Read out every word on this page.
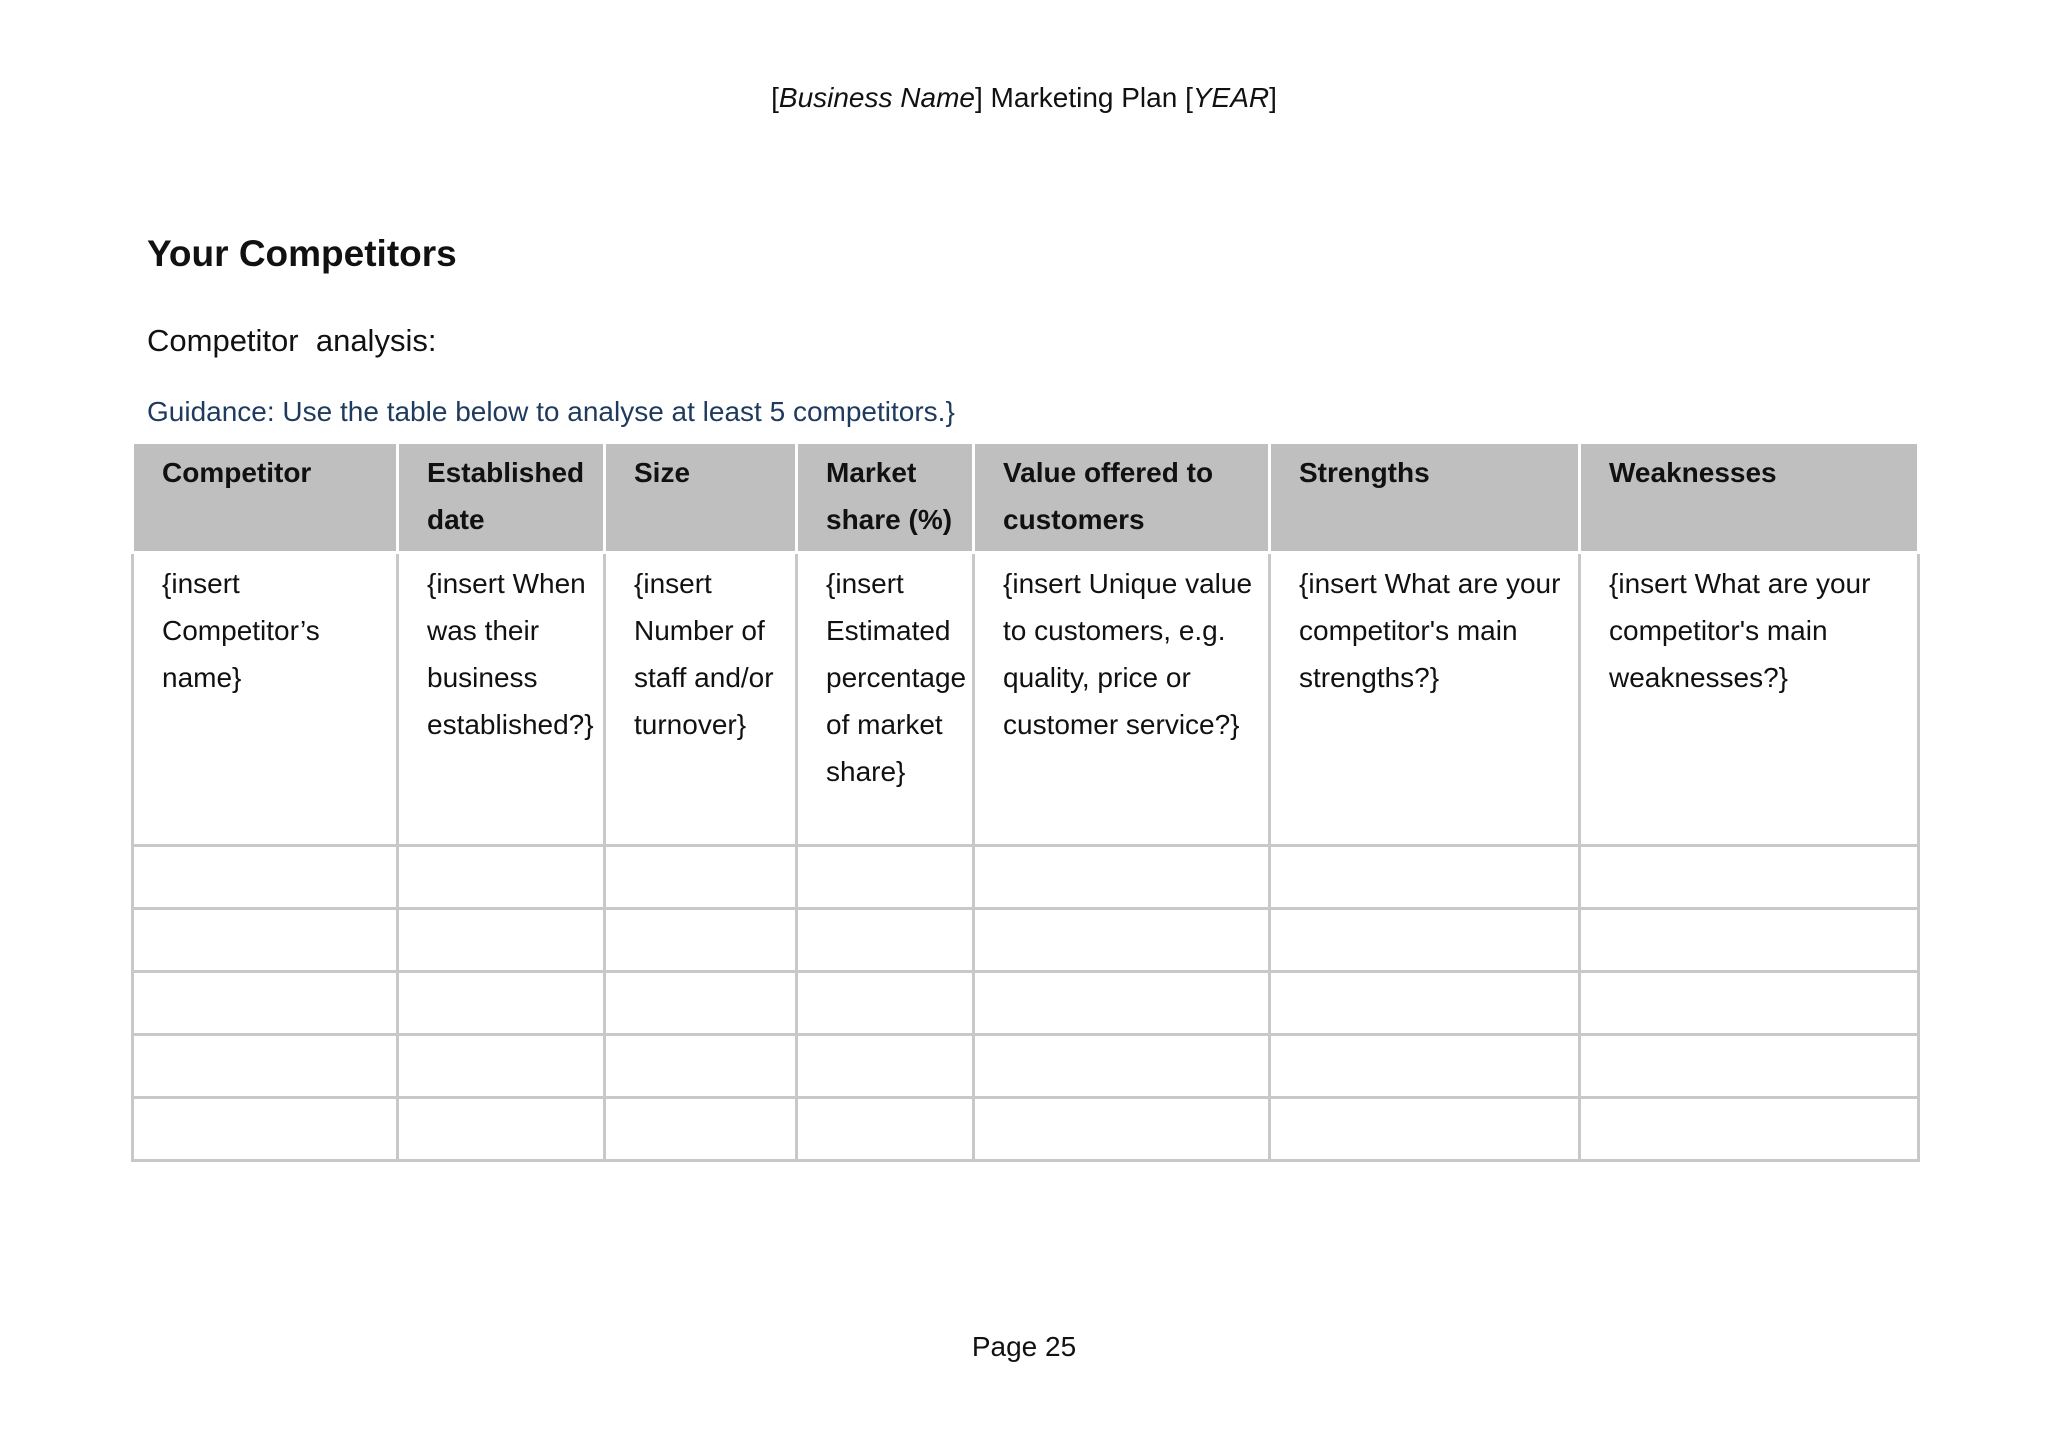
[Business Name] Marketing Plan [YEAR]
Your Competitors
Competitor  analysis:
Guidance: Use the table below to analyse at least 5 competitors.}
Competitor	Established date	Size	Market share (%)	Value offered to customers	Strengths	Weaknesses
{insert Competitor’s name}	{insert When was their business established?}	{insert Number of staff and/or turnover}	{insert Estimated percentage of market share}	{insert Unique value to customers, e.g. quality, price or customer service?}	{insert What are your competitor's main strengths?}	{insert What are your competitor's main weaknesses?}

Page 25
